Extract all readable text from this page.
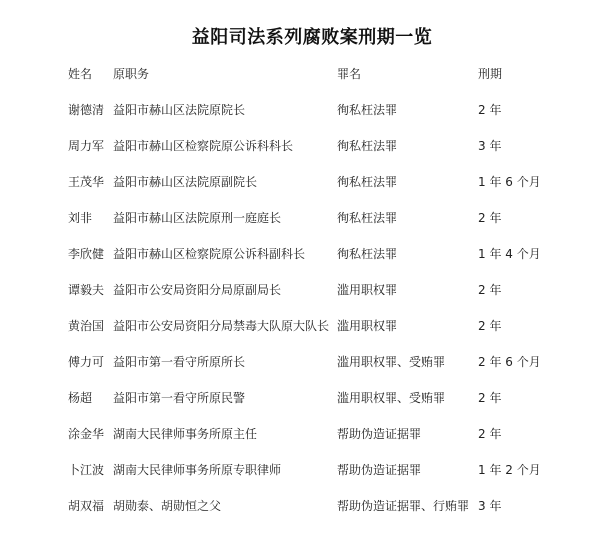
益阳司法系列腐败案刑期一览
姓名	原职务	罪名	刑期
谢德清	益阳市赫山区法院原院长	徇私枉法罪	2 年
周力军	益阳市赫山区检察院原公诉科科长	徇私枉法罪	3 年
王茂华	益阳市赫山区法院原副院长	徇私枉法罪	1 年 6 个月
刘非	益阳市赫山区法院原刑一庭庭长	徇私枉法罪	2 年
李欣健	益阳市赫山区检察院原公诉科副科长	徇私枉法罪	1 年 4 个月
谭毅夫	益阳市公安局资阳分局原副局长	滥用职权罪	2 年
黄治国	益阳市公安局资阳分局禁毒大队原大队长	滥用职权罪	2 年
傅力可	益阳市第一看守所原所长	滥用职权罪、受贿罪	2 年 6 个月
杨超	益阳市第一看守所原民警	滥用职权罪、受贿罪	2 年
涂金华	湖南大民律师事务所原主任	帮助伪造证据罪	2 年
卜江波	湖南大民律师事务所原专职律师	帮助伪造证据罪	1 年 2 个月
胡双福	胡勋泰、胡勋恒之父	帮助伪造证据罪、行贿罪	3 年
